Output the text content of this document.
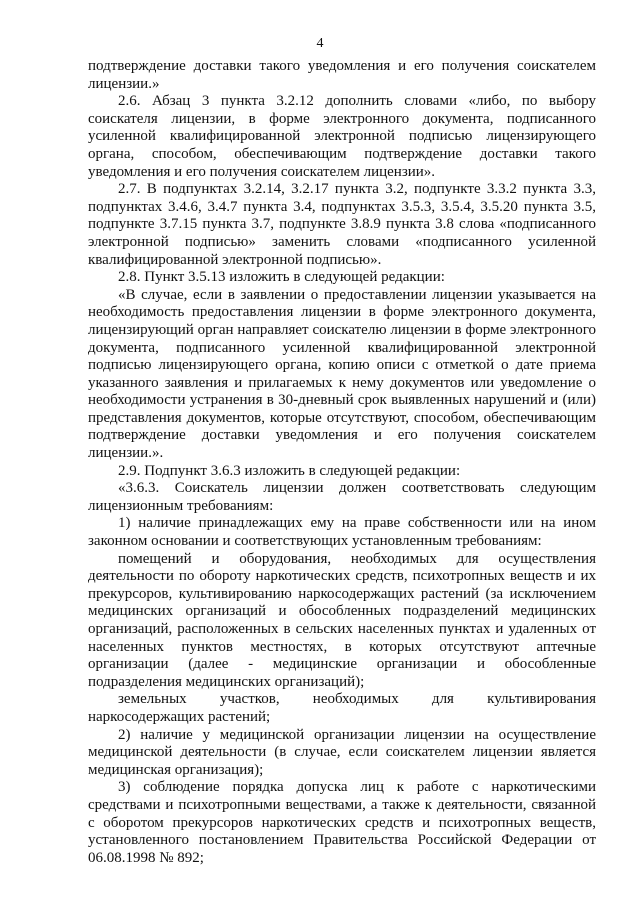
4

подтверждение доставки такого уведомления и его получения соискателем лицензии.»

2.6. Абзац 3 пункта 3.2.12 дополнить словами «либо, по выбору соискателя лицензии, в форме электронного документа, подписанного усиленной квалифицированной электронной подписью лицензирующего органа, способом, обеспечивающим подтверждение доставки такого уведомления и его получения соискателем лицензии».

2.7. В подпунктах 3.2.14, 3.2.17 пункта 3.2, подпункте 3.3.2 пункта 3.3, подпунктах 3.4.6, 3.4.7 пункта 3.4, подпунктах 3.5.3, 3.5.4, 3.5.20 пункта 3.5, подпункте 3.7.15 пункта 3.7, подпункте 3.8.9 пункта 3.8 слова «подписанного электронной подписью» заменить словами «подписанного усиленной квалифицированной электронной подписью».

2.8. Пункт 3.5.13 изложить в следующей редакции:

«В случае, если в заявлении о предоставлении лицензии указывается на необходимость предоставления лицензии в форме электронного документа, лицензирующий орган направляет соискателю лицензии в форме электронного документа, подписанного усиленной квалифицированной электронной подписью лицензирующего органа, копию описи с отметкой о дате приема указанного заявления и прилагаемых к нему документов или уведомление о необходимости устранения в 30-дневный срок выявленных нарушений и (или) представления документов, которые отсутствуют, способом, обеспечивающим подтверждение доставки уведомления и его получения соискателем лицензии.».

2.9. Подпункт 3.6.3 изложить в следующей редакции:

«3.6.3. Соискатель лицензии должен соответствовать следующим лицензионным требованиям:

1) наличие принадлежащих ему на праве собственности или на ином законном основании и соответствующих установленным требованиям:

помещений и оборудования, необходимых для осуществления деятельности по обороту наркотических средств, психотропных веществ и их прекурсоров, культивированию наркосодержащих растений (за исключением медицинских организаций и обособленных подразделений медицинских организаций, расположенных в сельских населенных пунктах и удаленных от населенных пунктов местностях, в которых отсутствуют аптечные организации (далее - медицинские организации и обособленные подразделения медицинских организаций);

земельных участков, необходимых для культивирования наркосодержащих растений;

2) наличие у медицинской организации лицензии на осуществление медицинской деятельности (в случае, если соискателем лицензии является медицинская организация);

3) соблюдение порядка допуска лиц к работе с наркотическими средствами и психотропными веществами, а также к деятельности, связанной с оборотом прекурсоров наркотических средств и психотропных веществ, установленного постановлением Правительства Российской Федерации от 06.08.1998 № 892;
